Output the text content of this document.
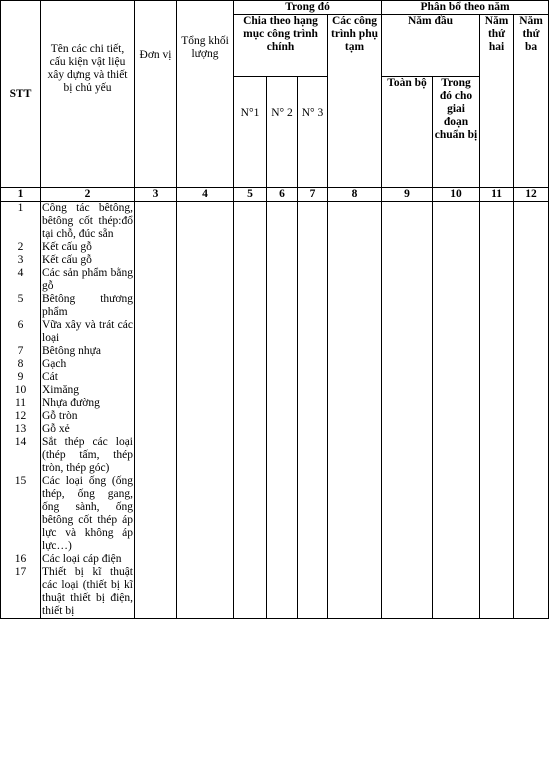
STT	Tên các chi tiết, cấu kiện vật liệu xây dựng và thiết bị chủ yếu	Đơn vị	Tổng khối lượng	Trong đó				Phân bổ theo năm			
				Chia theo hạng mục công trình chính			Các công trình phụ tạm	Năm đầu		Năm thứ hai	Năm thứ ba
				N°1	N° 2	N° 3		Toàn bộ	Trong đó cho giai đoạn chuẩn bị		

1	2	3	4	5	6	7	8	9	10	11	12
1	Công tác bêtông, bêtông cốt thép:đổ tại chỗ, đúc sẵn										

2	Kết cấu gỗ										

3	Kết cấu gỗ										

4	Các sản phẩm bằng gỗ										

5	Bêtông thương phẩm										

6	Vữa xây và trát các loại										

7	Bêtông nhựa										

8	Gạch										

9	Cát										

10	Ximăng										

11	Nhựa đường										

12	Gỗ tròn										

13	Gỗ xẻ										

14	Sắt thép các loại (thép tấm, thép tròn, thép góc)										

15	Các loại ống (ống thép, ống gang, ống sành, ống bêtông cốt thép áp lực và không áp lực…)										

16	Các loại cáp điện										

17	Thiết bị kĩ thuật các loại (thiết bị kĩ thuật thiết bị điện, thiết bị										
